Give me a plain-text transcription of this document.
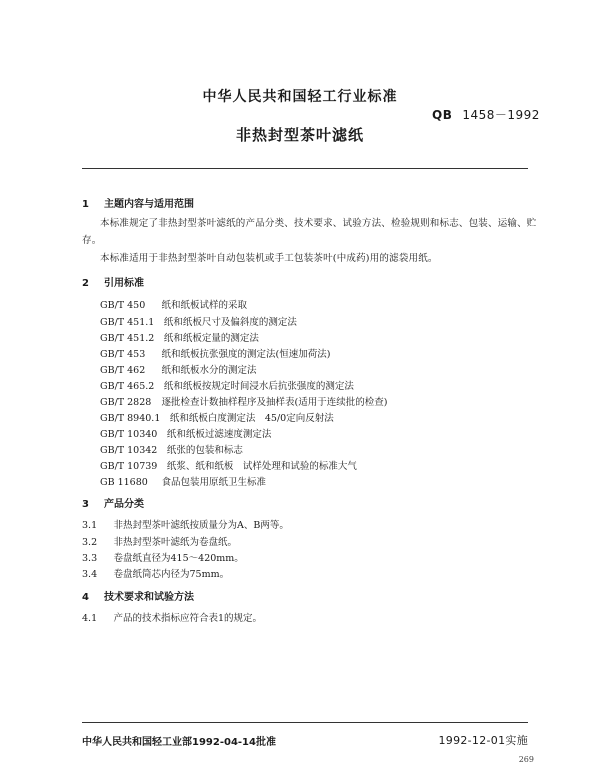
中华人民共和国轻工行业标准
QB 1458－1992
非热封型茶叶滤纸
1 主题内容与适用范围
本标准规定了非热封型茶叶滤纸的产品分类、技术要求、试验方法、检验规则和标志、包装、运输、贮
存。
本标准适用于非热封型茶叶自动包装机或手工包装茶叶(中成药)用的滤袋用纸。
2 引用标准
GB/T 450　 纸和纸板试样的采取
GB/T 451.1　 纸和纸板尺寸及偏斜度的测定法
GB/T 451.2　 纸和纸板定量的测定法
GB/T 453　 纸和纸板抗张强度的测定法(恒速加荷法)
GB/T 462　 纸和纸板水分的测定法
GB/T 465.2　 纸和纸板按规定时间浸水后抗张强度的测定法
GB/T 2828　 逐批检查计数抽样程序及抽样表(适用于连续批的检查)
GB/T 8940.1　 纸和纸板白度测定法　45/0定向反射法
GB/T 10340　 纸和纸板过滤速度测定法
GB/T 10342　 纸张的包装和标志
GB/T 10739　 纸浆、纸和纸板　试样处理和试验的标准大气
GB 11680　 食品包装用原纸卫生标准
3 产品分类
3.1　 非热封型茶叶滤纸按质量分为A、B两等。
3.2　 非热封型茶叶滤纸为卷盘纸。
3.3　 卷盘纸直径为415～420mm。
3.4　 卷盘纸筒芯内径为75mm。
4 技术要求和试验方法
4.1　 产品的技术指标应符合表1的规定。
中华人民共和国轻工业部1992-04-14批准	1992-12-01实施
269
